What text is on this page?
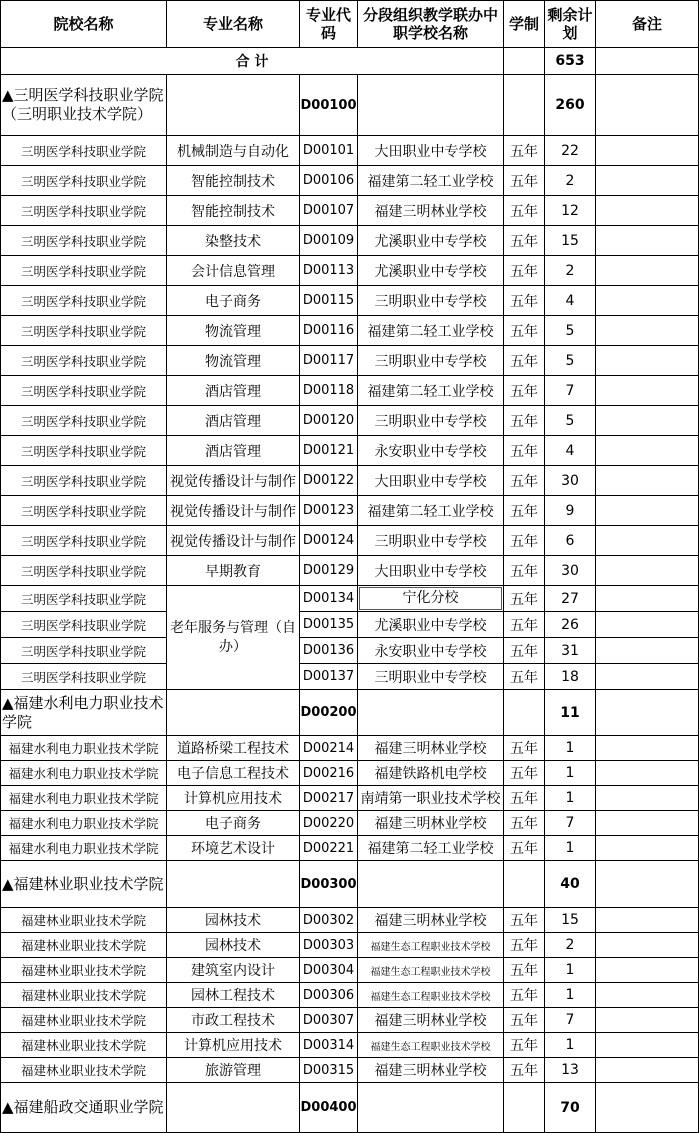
院校名称	专业名称	专业代码	分段组织教学联办中职学校名称	学制	剩余计划	备注
合 计					653	
▲三明医学科技职业学院（三明职业技术学院）		D00100			260	
三明医学科技职业学院	机械制造与自动化	D00101	大田职业中专学校	五年	22	
三明医学科技职业学院	智能控制技术	D00106	福建第二轻工业学校	五年	2	
三明医学科技职业学院	智能控制技术	D00107	福建三明林业学校	五年	12	
三明医学科技职业学院	染整技术	D00109	尤溪职业中专学校	五年	15	
三明医学科技职业学院	会计信息管理	D00113	尤溪职业中专学校	五年	2	
三明医学科技职业学院	电子商务	D00115	三明职业中专学校	五年	4	
三明医学科技职业学院	物流管理	D00116	福建第二轻工业学校	五年	5	
三明医学科技职业学院	物流管理	D00117	三明职业中专学校	五年	5	
三明医学科技职业学院	酒店管理	D00118	福建第二轻工业学校	五年	7	
三明医学科技职业学院	酒店管理	D00120	三明职业中专学校	五年	5	
三明医学科技职业学院	酒店管理	D00121	永安职业中专学校	五年	4	
三明医学科技职业学院	视觉传播设计与制作	D00122	大田职业中专学校	五年	30	
三明医学科技职业学院	视觉传播设计与制作	D00123	福建第二轻工业学校	五年	9	
三明医学科技职业学院	视觉传播设计与制作	D00124	三明职业中专学校	五年	6	
三明医学科技职业学院	早期教育	D00129	大田职业中专学校	五年	30	
三明医学科技职业学院	老年服务与管理（自办）	D00134	宁化分校	五年	27	
三明医学科技职业学院		D00135	尤溪职业中专学校	五年	26	
三明医学科技职业学院		D00136	永安职业中专学校	五年	31	
三明医学科技职业学院		D00137	三明职业中专学校	五年	18	
▲福建水利电力职业技术学院		D00200			11	
福建水利电力职业技术学院	道路桥梁工程技术	D00214	福建三明林业学校	五年	1	
福建水利电力职业技术学院	电子信息工程技术	D00216	福建铁路机电学校	五年	1	
福建水利电力职业技术学院	计算机应用技术	D00217	南靖第一职业技术学校	五年	1	
福建水利电力职业技术学院	电子商务	D00220	福建三明林业学校	五年	7	
福建水利电力职业技术学院	环境艺术设计	D00221	福建第二轻工业学校	五年	1	
▲福建林业职业技术学院		D00300			40	
福建林业职业技术学院	园林技术	D00302	福建三明林业学校	五年	15	
福建林业职业技术学院	园林技术	D00303	福建生态工程职业技术学校	五年	2	
福建林业职业技术学院	建筑室内设计	D00304	福建生态工程职业技术学校	五年	1	
福建林业职业技术学院	园林工程技术	D00306	福建生态工程职业技术学校	五年	1	
福建林业职业技术学院	市政工程技术	D00307	福建三明林业学校	五年	7	
福建林业职业技术学院	计算机应用技术	D00314	福建生态工程职业技术学校	五年	1	
福建林业职业技术学院	旅游管理	D00315	福建三明林业学校	五年	13	
▲福建船政交通职业学院		D00400			70	
